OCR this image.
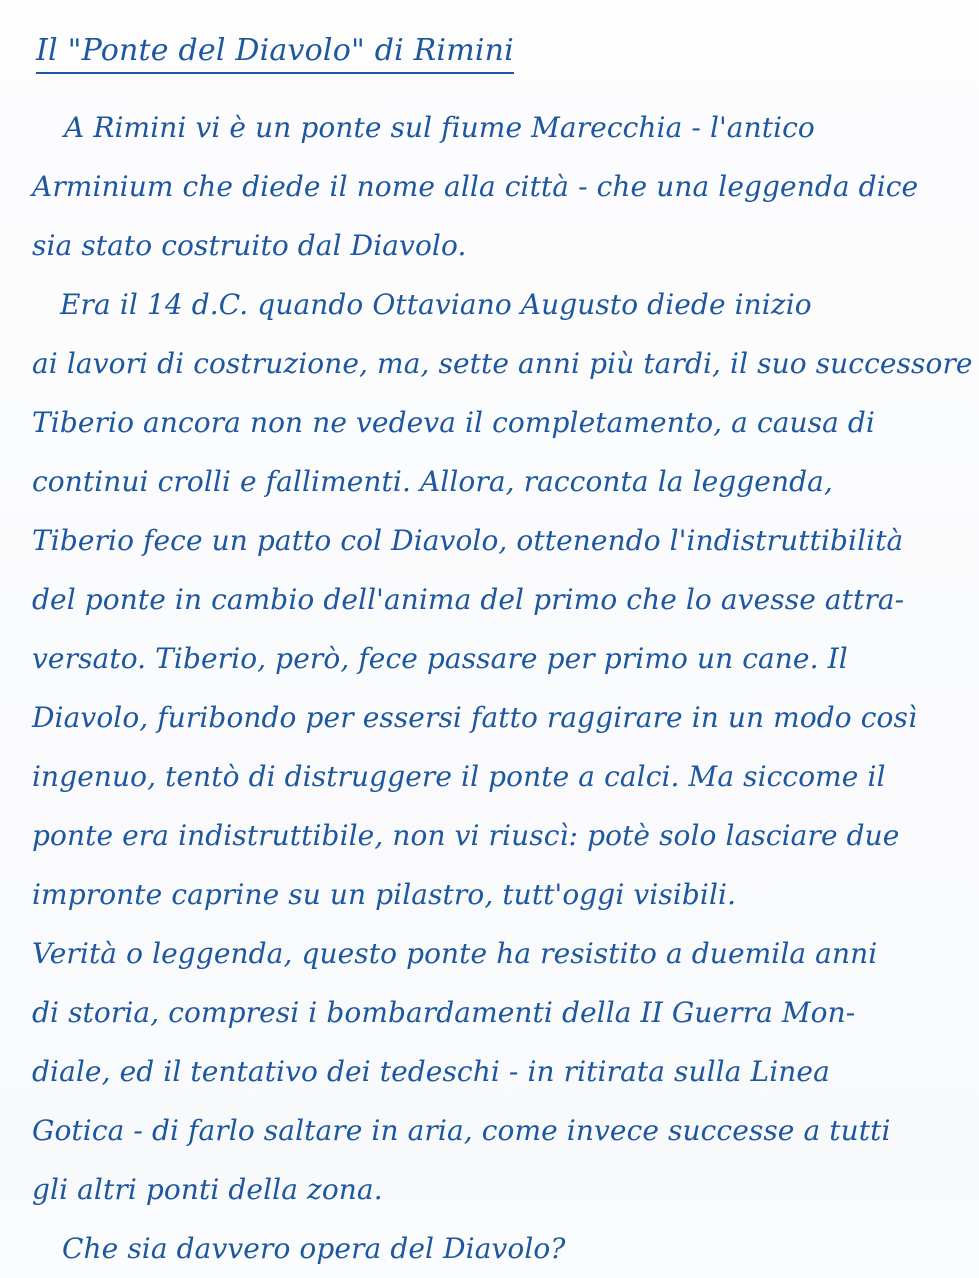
Il "Ponte del Diavolo" di Rimini
A Rimini vi è un ponte sul fiume Marecchia - l'antico
Arminium che diede il nome alla città - che una leggenda dice
sia stato costruito dal Diavolo.
Era il 14 d.C. quando Ottaviano Augusto diede inizio
ai lavori di costruzione, ma, sette anni più tardi, il suo successore
Tiberio ancora non ne vedeva il completamento, a causa di
continui crolli e fallimenti. Allora, racconta la leggenda,
Tiberio fece un patto col Diavolo, ottenendo l'indistruttibilità
del ponte in cambio dell'anima del primo che lo avesse attra-
versato. Tiberio, però, fece passare per primo un cane. Il
Diavolo, furibondo per essersi fatto raggirare in un modo così
ingenuo, tentò di distruggere il ponte a calci. Ma siccome il
ponte era indistruttibile, non vi riuscì: potè solo lasciare due
impronte caprine su un pilastro, tutt'oggi visibili.
Verità o leggenda, questo ponte ha resistito a duemila anni
di storia, compresi i bombardamenti della II Guerra Mon-
diale, ed il tentativo dei tedeschi - in ritirata sulla Linea
Gotica - di farlo saltare in aria, come invece successe a tutti
gli altri ponti della zona.
Che sia davvero opera del Diavolo?
